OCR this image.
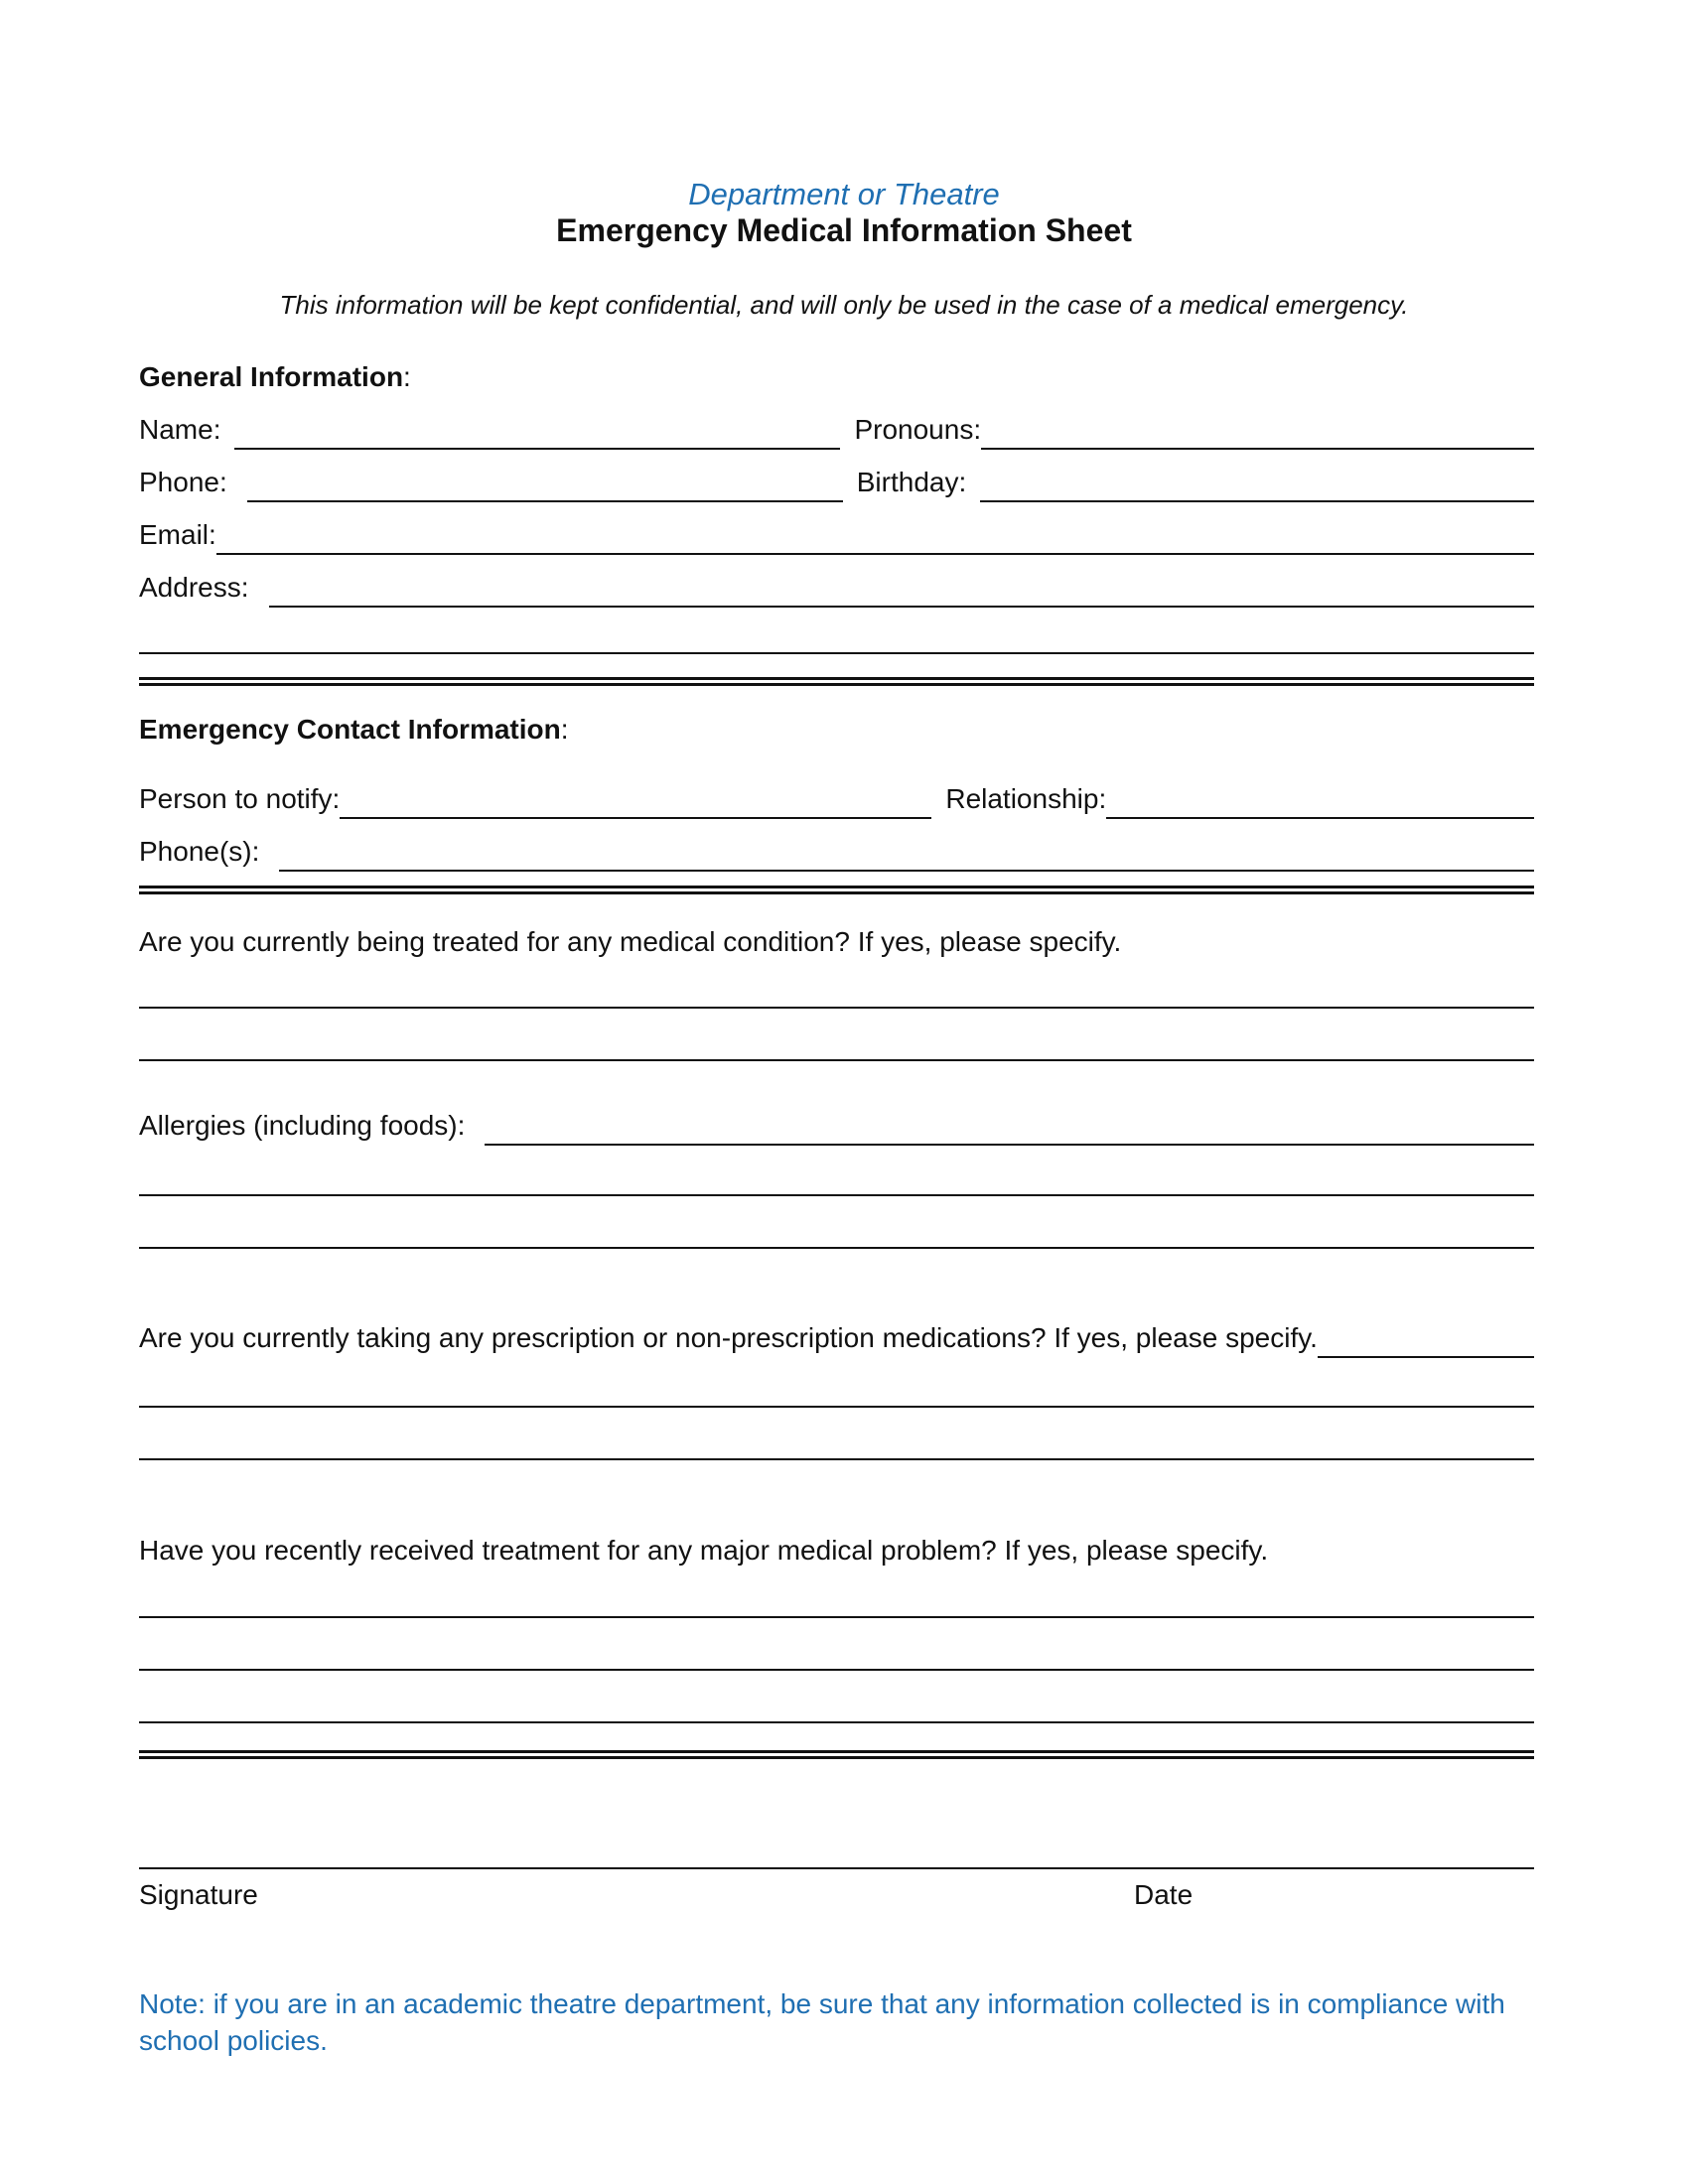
Department or Theatre
Emergency Medical Information Sheet
This information will be kept confidential, and will only be used in the case of a medical emergency.
General Information:
Name:	Pronouns:
Phone:	Birthday:
Email:
Address:
Emergency Contact Information:
Person to notify:	Relationship:
Phone(s):
Are you currently being treated for any medical condition? If yes, please specify.
Allergies (including foods):
Are you currently taking any prescription or non-prescription medications? If yes, please specify.
Have you recently received treatment for any major medical problem? If yes, please specify.
Signature	Date
Note: if you are in an academic theatre department, be sure that any information collected is in compliance with school policies.
